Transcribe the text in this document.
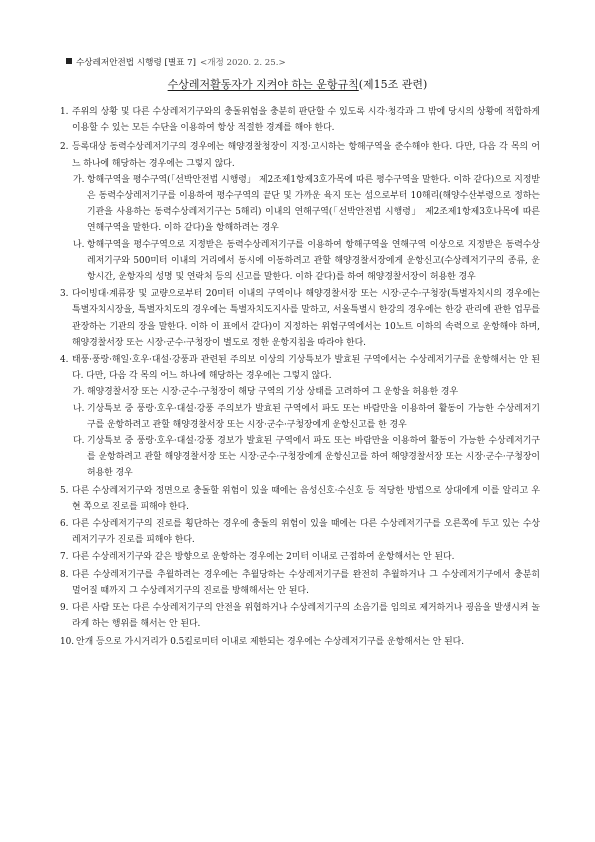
수상레저안전법 시행령 [별표 7] <개정 2020. 2. 25.>
수상레저활동자가 지켜야 하는 운항규칙(제15조 관련)
1. 주위의 상황 및 다른 수상레저기구와의 충돌위험을 충분히 판단할 수 있도록 시각·청각과 그 밖에 당시의 상황에 적합하게 이용할 수 있는 모든 수단을 이용하여 항상 적절한 경계를 해야 한다.

2. 등록대상 동력수상레저기구의 경우에는 해양경찰청장이 지정·고시하는 항해구역을 준수해야 한다. 다만, 다음 각 목의 어느 하나에 해당하는 경우에는 그렇지 않다.

가. 항해구역을 평수구역(「선박안전법 시행령」 제2조제1항제3호가목에 따른 평수구역을 말한다. 이하 같다)으로 지정받은 동력수상레저기구를 이용하여 평수구역의 끝단 및 가까운 육지 또는 섬으로부터 10해리(해양수산부령으로 정하는 기관을 사용하는 동력수상레저기구는 5해리) 이내의 연해구역(「선박안전법 시행령」 제2조제1항제3호나목에 따른 연해구역을 말한다. 이하 같다)을 항해하려는 경우

나. 항해구역을 평수구역으로 지정받은 동력수상레저기구를 이용하여 항해구역을 연해구역 이상으로 지정받은 동력수상레저기구와 500미터 이내의 거리에서 동시에 이동하려고 관할 해양경찰서장에게 운항신고(수상레저기구의 종류, 운항시간, 운항자의 성명 및 연락처 등의 신고를 말한다. 이하 같다)를 하여 해양경찰서장이 허용한 경우

3. 다이빙대·계류장 및 교량으로부터 20미터 이내의 구역이나 해양경찰서장 또는 시장·군수·구청장(특별자치시의 경우에는 특별자치시장을, 특별자치도의 경우에는 특별자치도지사를 말하고, 서울특별시 한강의 경우에는 한강 관리에 관한 업무를 관장하는 기관의 장을 말한다. 이하 이 표에서 같다)이 지정하는 위험구역에서는 10노트 이하의 속력으로 운항해야 하며, 해양경찰서장 또는 시장·군수·구청장이 별도로 정한 운항지침을 따라야 한다.

4. 태풍·풍랑·해일·호우·대설·강풍과 관련된 주의보 이상의 기상특보가 발효된 구역에서는 수상레저기구를 운항해서는 안 된다. 다만, 다음 각 목의 어느 하나에 해당하는 경우에는 그렇지 않다.

가. 해양경찰서장 또는 시장·군수·구청장이 해당 구역의 기상 상태를 고려하여 그 운항을 허용한 경우

나. 기상특보 중 풍랑·호우·대설·강풍 주의보가 발효된 구역에서 파도 또는 바람만을 이용하여 활동이 가능한 수상레저기구를 운항하려고 관할 해양경찰서장 또는 시장·군수·구청장에게 운항신고를 한 경우

다. 기상특보 중 풍랑·호우·대설·강풍 경보가 발효된 구역에서 파도 또는 바람만을 이용하여 활동이 가능한 수상레저기구를 운항하려고 관할 해양경찰서장 또는 시장·군수·구청장에게 운항신고를 하여 해양경찰서장 또는 시장·군수·구청장이 허용한 경우

5. 다른 수상레저기구와 정면으로 충돌할 위험이 있을 때에는 음성신호·수신호 등 적당한 방법으로 상대에게 이를 알리고 우현 쪽으로 진로를 피해야 한다.

6. 다른 수상레저기구의 진로를 횡단하는 경우에 충돌의 위험이 있을 때에는 다른 수상레저기구를 오른쪽에 두고 있는 수상레저기구가 진로를 피해야 한다.

7. 다른 수상레저기구와 같은 방향으로 운항하는 경우에는 2미터 이내로 근접하여 운항해서는 안 된다.

8. 다른 수상레저기구를 추월하려는 경우에는 추월당하는 수상레저기구를 완전히 추월하거나 그 수상레저기구에서 충분히 멀어질 때까지 그 수상레저기구의 진로를 방해해서는 안 된다.

9. 다른 사람 또는 다른 수상레저기구의 안전을 위협하거나 수상레저기구의 소음기를 임의로 제거하거나 굉음을 발생시켜 놀라게 하는 행위를 해서는 안 된다.

10. 안개 등으로 가시거리가 0.5킬로미터 이내로 제한되는 경우에는 수상레저기구를 운항해서는 안 된다.
